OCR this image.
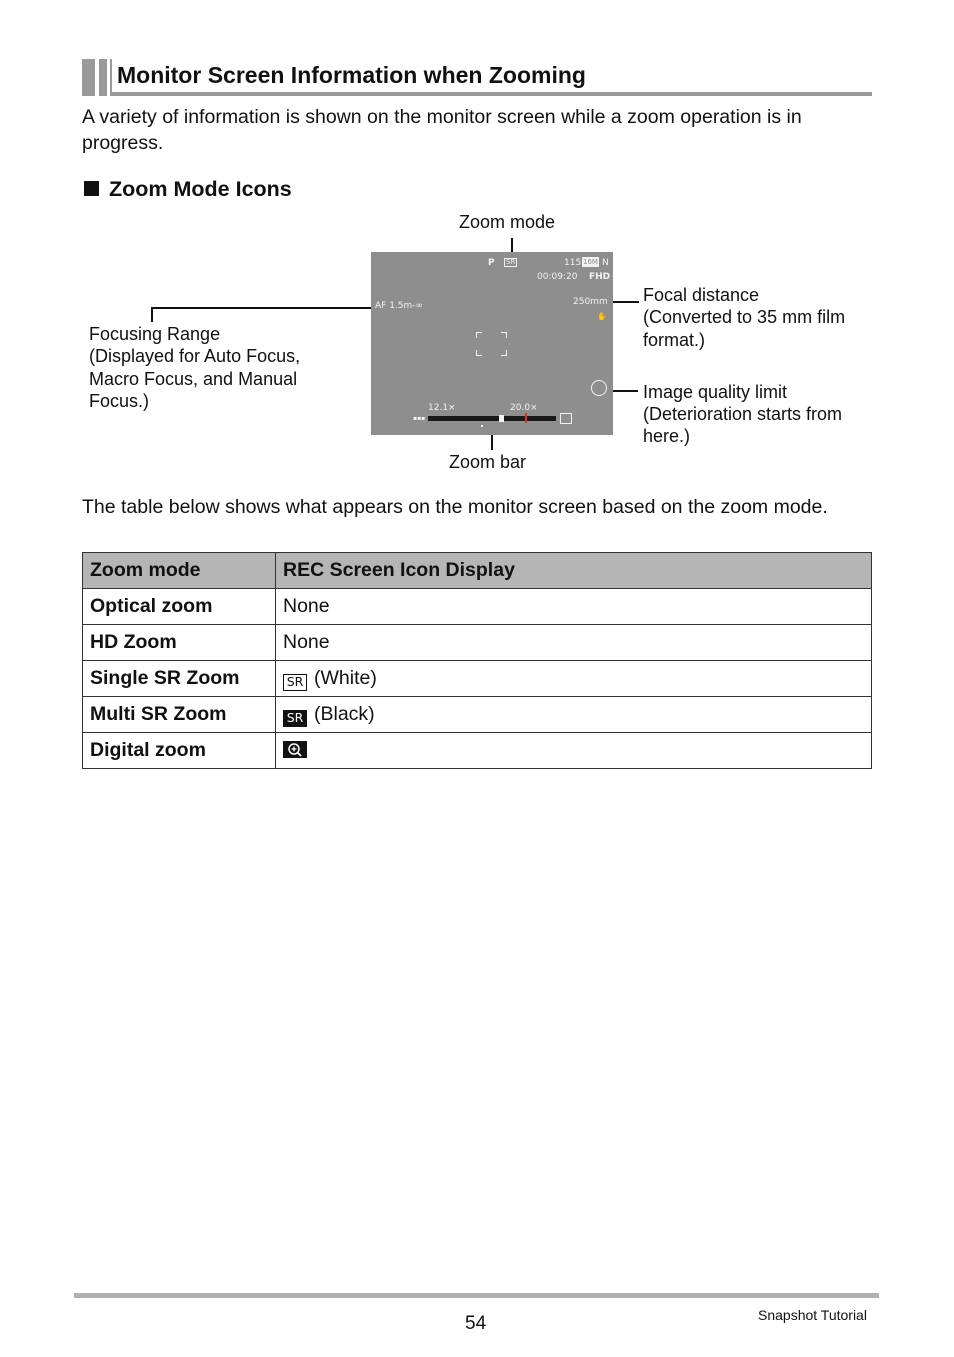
Monitor Screen Information when Zooming
A variety of information is shown on the monitor screen while a zoom operation is in progress.
Zoom Mode Icons
Zoom mode
Focal distance
(Converted to 35 mm film
format.)
Image quality limit
(Deterioration starts from
here.)
Focusing Range
(Displayed for Auto Focus,
Macro Focus, and Manual
Focus.)
Zoom bar
P SR	115 16M N
00:09:20 FHD
250mm
✋
AF 1.5m-∞
12.1×	20.0×
▪▪▪
The table below shows what appears on the monitor screen based on the zoom mode.
Zoom mode	REC Screen Icon Display
Optical zoom	None
HD Zoom	None
Single SR Zoom	SR (White)
Multi SR Zoom	SR (Black)
Digital zoom	
54	Snapshot Tutorial
